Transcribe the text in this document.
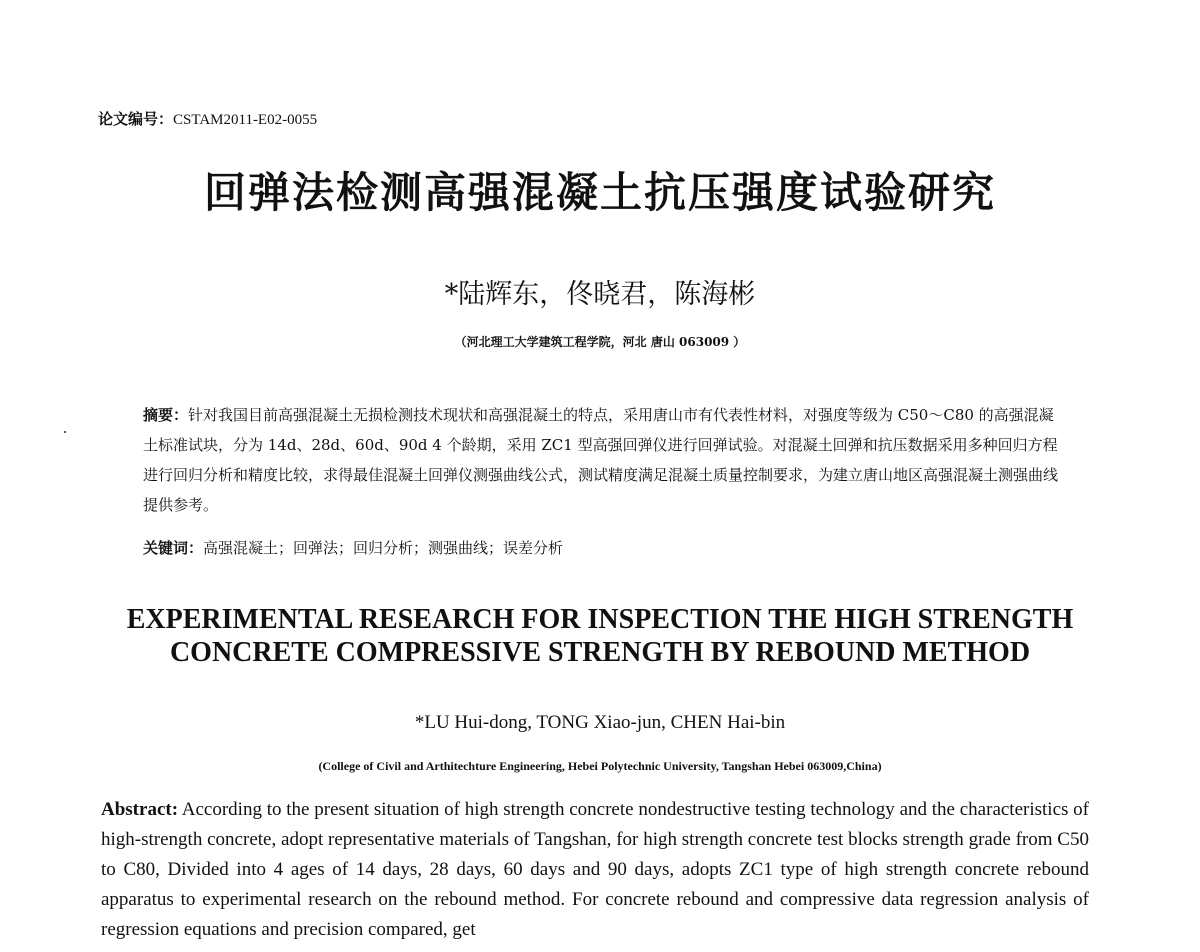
论文编号：CSTAM2011-E02-0055
回弹法检测高强混凝土抗压强度试验研究
*陆辉东，佟晓君，陈海彬
（河北理工大学建筑工程学院，河北 唐山 063009 ）
摘要：针对我国目前高强混凝土无损检测技术现状和高强混凝土的特点，采用唐山市有代表性材料，对强度等级为 C50～C80 的高强混凝土标准试块，分为 14d、28d、60d、90d 4 个龄期，采用 ZC1 型高强回弹仪进行回弹试验。对混凝土回弹和抗压数据采用多种回归方程进行回归分析和精度比较，求得最佳混凝土回弹仪测强曲线公式，测试精度满足混凝土质量控制要求，为建立唐山地区高强混凝土测强曲线提供参考。
关键词：高强混凝土；回弹法；回归分析；测强曲线；误差分析
EXPERIMENTAL RESEARCH FOR INSPECTION THE HIGH STRENGTH
CONCRETE COMPRESSIVE STRENGTH BY REBOUND METHOD
*LU Hui-dong, TONG Xiao-jun, CHEN Hai-bin
(College of Civil and Arthitechture Engineering, Hebei Polytechnic University, Tangshan Hebei 063009,China)
Abstract: According to the present situation of high strength concrete nondestructive testing technology and the characteristics of high-strength concrete, adopt representative materials of Tangshan, for high strength concrete test blocks strength grade from C50 to C80, Divided into 4 ages of 14 days, 28 days, 60 days and 90 days, adopts ZC1 type of high strength concrete rebound apparatus to experimental research on the rebound method. For concrete rebound and compressive data regression analysis of regression equations and precision compared, get
